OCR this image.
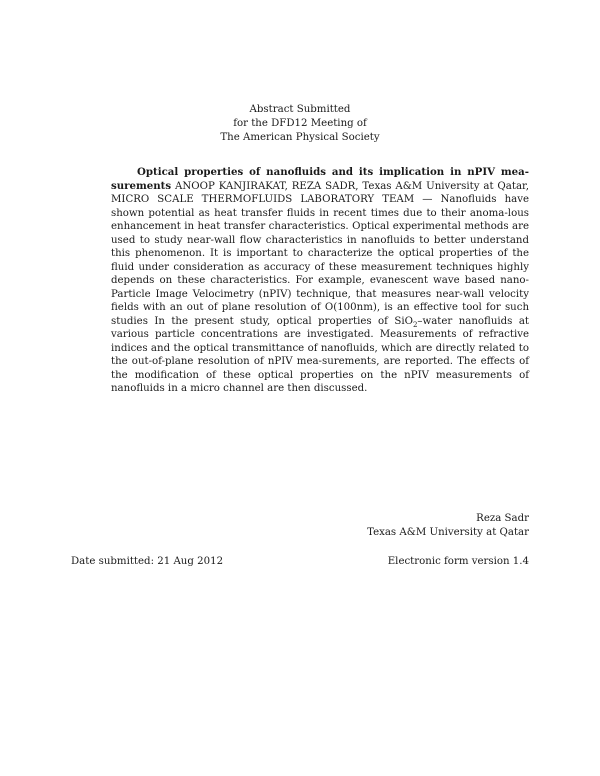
Abstract Submitted
for the DFD12 Meeting of
The American Physical Society
Optical properties of nanofluids and its implication in nPIV mea-surements ANOOP KANJIRAKAT, REZA SADR, Texas A&M University at Qatar, MICRO SCALE THERMOFLUIDS LABORATORY TEAM — Nanofluids have shown potential as heat transfer fluids in recent times due to their anoma-lous enhancement in heat transfer characteristics. Optical experimental methods are used to study near-wall flow characteristics in nanofluids to better understand this phenomenon. It is important to characterize the optical properties of the fluid under consideration as accuracy of these measurement techniques highly depends on these characteristics. For example, evanescent wave based nano-Particle Image Velocimetry (nPIV) technique, that measures near-wall velocity fields with an out of plane resolution of O(100nm), is an effective tool for such studies In the present study, optical properties of SiO$_2$–water nanofluids at various particle concentrations are investigated. Measurements of refractive indices and the optical transmittance of nanofluids, which are directly related to the out-of-plane resolution of nPIV mea-surements, are reported. The effects of the modification of these optical properties on the nPIV measurements of nanofluids in a micro channel are then discussed.
Reza Sadr
Texas A&M University at Qatar
Date submitted: 21 Aug 2012	Electronic form version 1.4
